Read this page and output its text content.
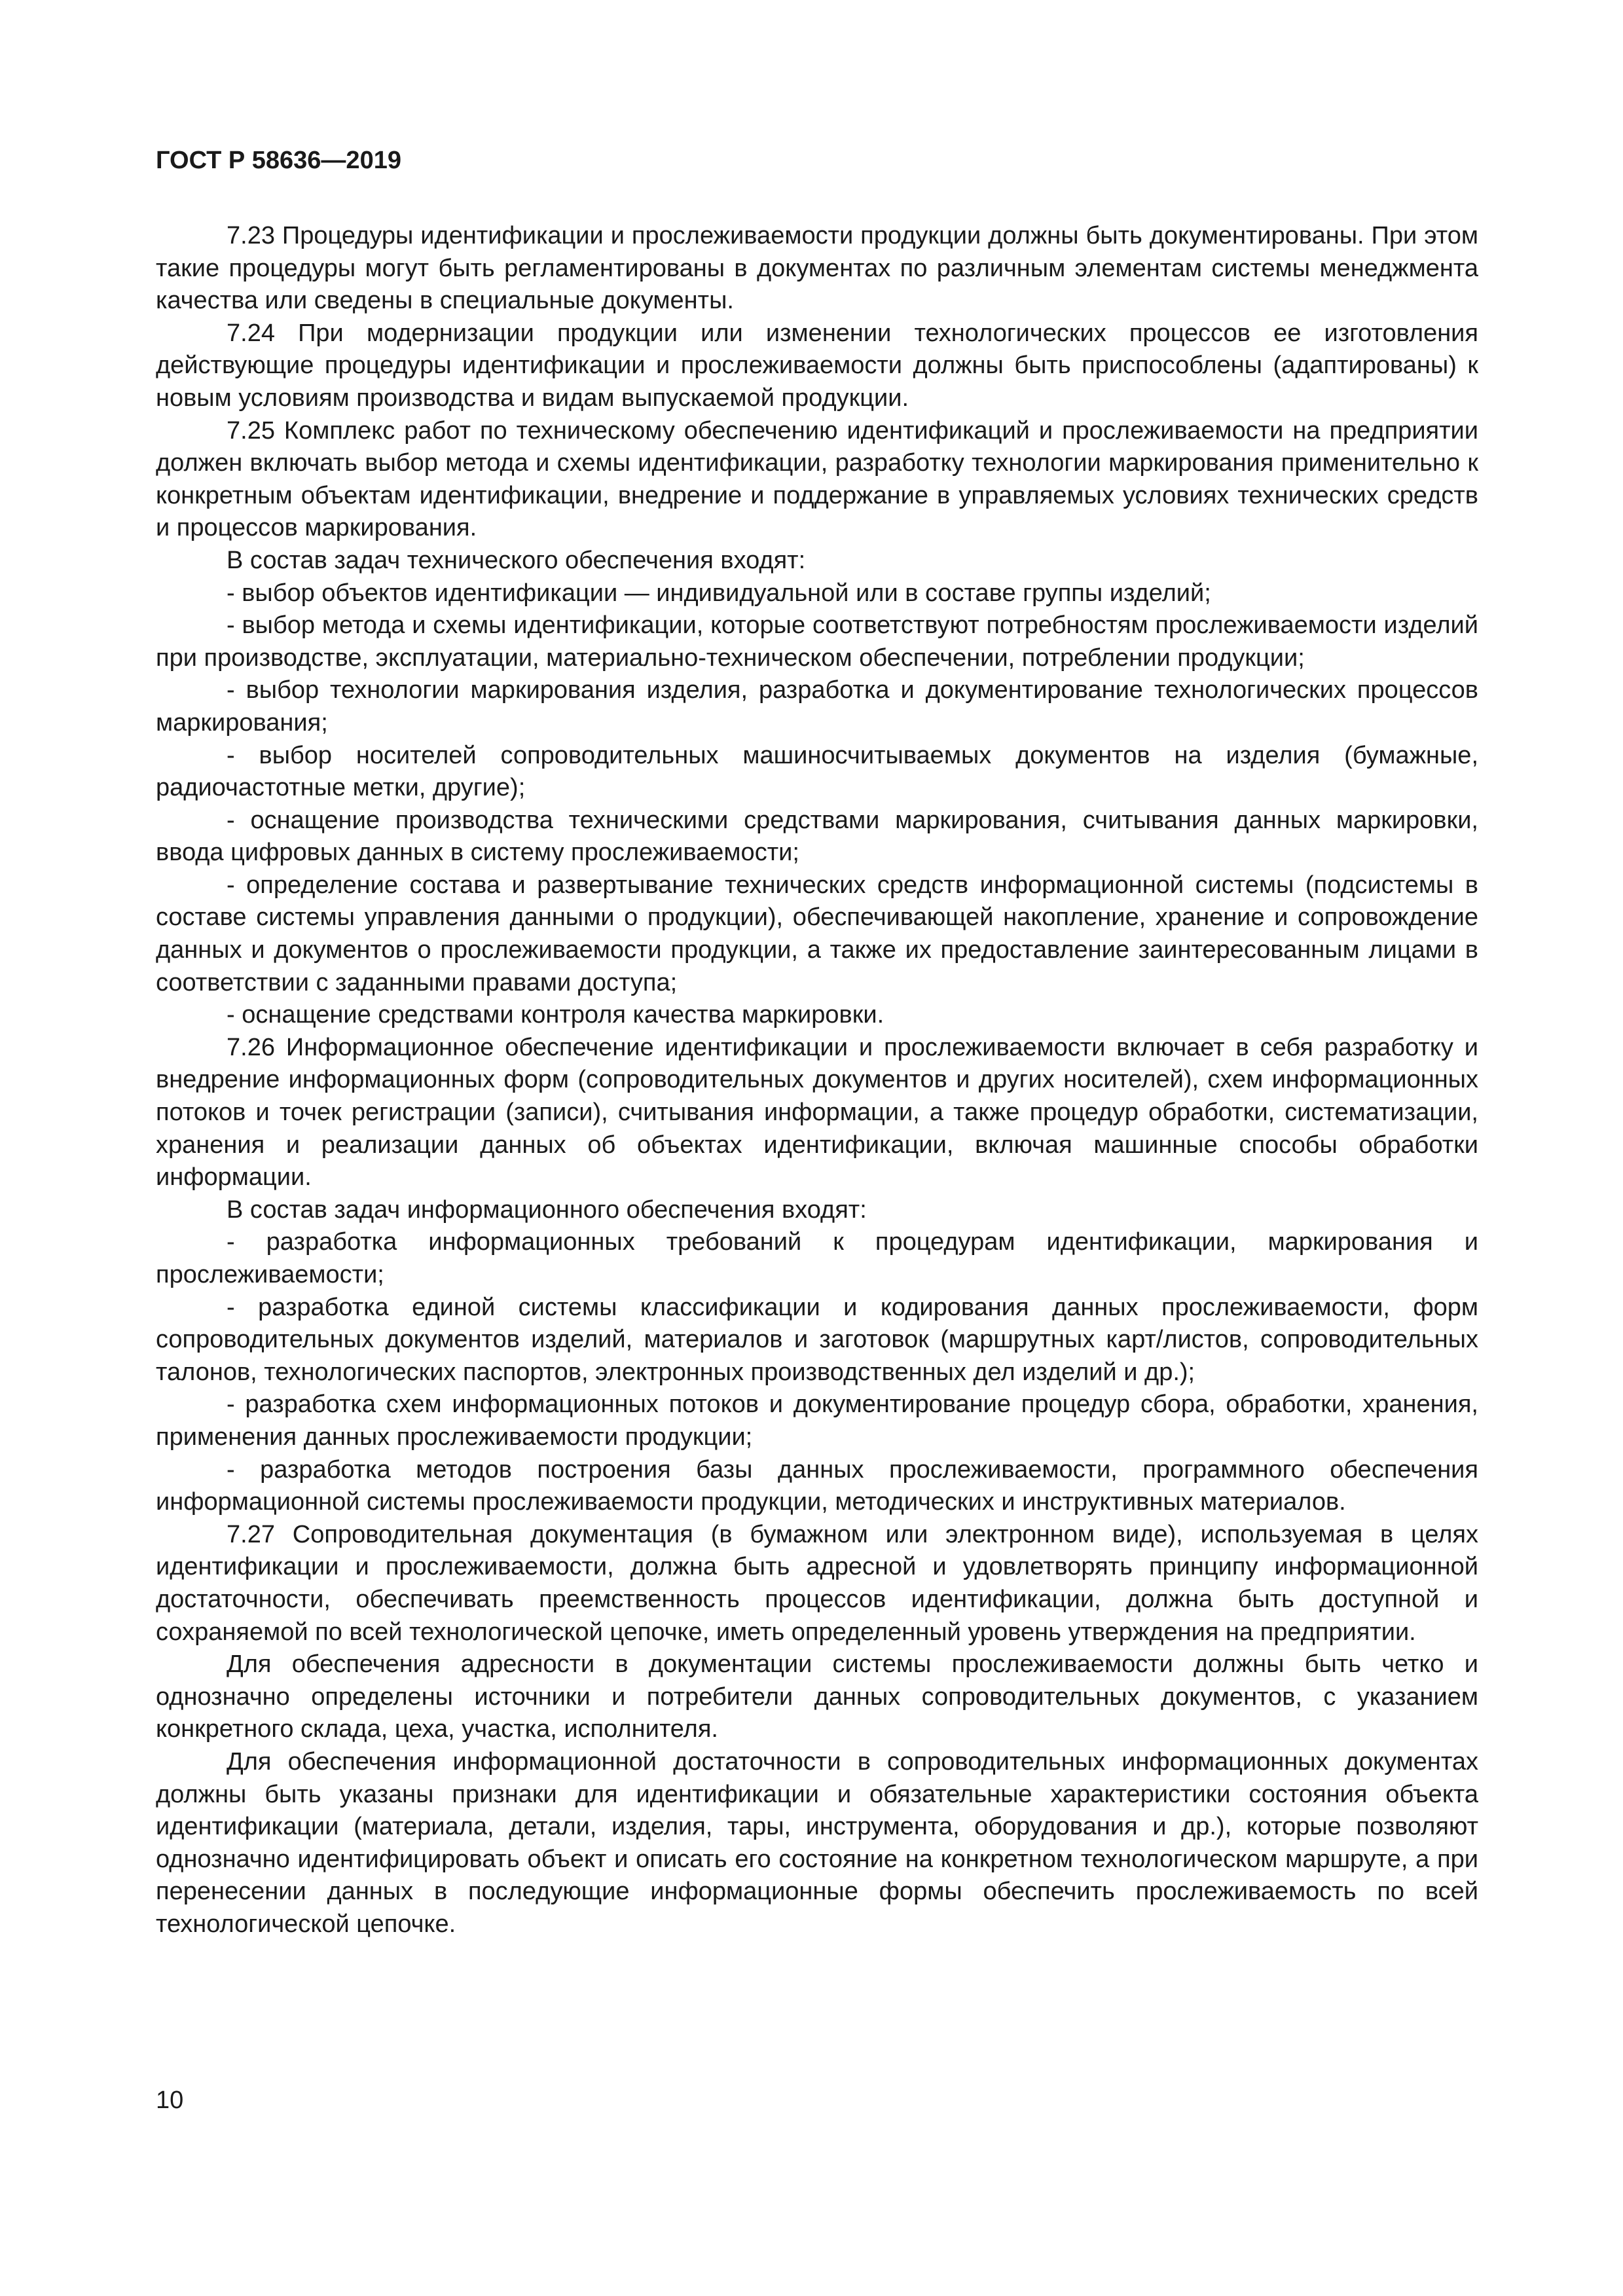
ГОСТ Р 58636—2019

7.23 Процедуры идентификации и прослеживаемости продукции должны быть документированы. При этом такие процедуры могут быть регламентированы в документах по различным элементам системы менеджмента качества или сведены в специальные документы.

7.24 При модернизации продукции или изменении технологических процессов ее изготовления действующие процедуры идентификации и прослеживаемости должны быть приспособлены (адаптированы) к новым условиям производства и видам выпускаемой продукции.

7.25 Комплекс работ по техническому обеспечению идентификаций и прослеживаемости на предприятии должен включать выбор метода и схемы идентификации, разработку технологии маркирования применительно к конкретным объектам идентификации, внедрение и поддержание в управляемых условиях технических средств и процессов маркирования.

В состав задач технического обеспечения входят:

- выбор объектов идентификации — индивидуальной или в составе группы изделий;

- выбор метода и схемы идентификации, которые соответствуют потребностям прослеживаемости изделий при производстве, эксплуатации, материально-техническом обеспечении, потреблении продукции;

- выбор технологии маркирования изделия, разработка и документирование технологических процессов маркирования;

- выбор носителей сопроводительных машиносчитываемых документов на изделия (бумажные, радиочастотные метки, другие);

- оснащение производства техническими средствами маркирования, считывания данных маркировки, ввода цифровых данных в систему прослеживаемости;

- определение состава и развертывание технических средств информационной системы (подсистемы в составе системы управления данными о продукции), обеспечивающей накопление, хранение и сопровождение данных и документов о прослеживаемости продукции, а также их предоставление заинтересованным лицами в соответствии с заданными правами доступа;

- оснащение средствами контроля качества маркировки.

7.26 Информационное обеспечение идентификации и прослеживаемости включает в себя разработку и внедрение информационных форм (сопроводительных документов и других носителей), схем информационных потоков и точек регистрации (записи), считывания информации, а также процедур обработки, систематизации, хранения и реализации данных об объектах идентификации, включая машинные способы обработки информации.

В состав задач информационного обеспечения входят:

- разработка информационных требований к процедурам идентификации, маркирования и прослеживаемости;

- разработка единой системы классификации и кодирования данных прослеживаемости, форм сопроводительных документов изделий, материалов и заготовок (маршрутных карт/листов, сопроводительных талонов, технологических паспортов, электронных производственных дел изделий и др.);

- разработка схем информационных потоков и документирование процедур сбора, обработки, хранения, применения данных прослеживаемости продукции;

- разработка методов построения базы данных прослеживаемости, программного обеспечения информационной системы прослеживаемости продукции, методических и инструктивных материалов.

7.27 Сопроводительная документация (в бумажном или электронном виде), используемая в целях идентификации и прослеживаемости, должна быть адресной и удовлетворять принципу информационной достаточности, обеспечивать преемственность процессов идентификации, должна быть доступной и сохраняемой по всей технологической цепочке, иметь определенный уровень утверждения на предприятии.

Для обеспечения адресности в документации системы прослеживаемости должны быть четко и однозначно определены источники и потребители данных сопроводительных документов, с указанием конкретного склада, цеха, участка, исполнителя.

Для обеспечения информационной достаточности в сопроводительных информационных документах должны быть указаны признаки для идентификации и обязательные характеристики состояния объекта идентификации (материала, детали, изделия, тары, инструмента, оборудования и др.), которые позволяют однозначно идентифицировать объект и описать его состояние на конкретном технологическом маршруте, а при перенесении данных в последующие информационные формы обеспечить прослеживаемость по всей технологической цепочке.

10
